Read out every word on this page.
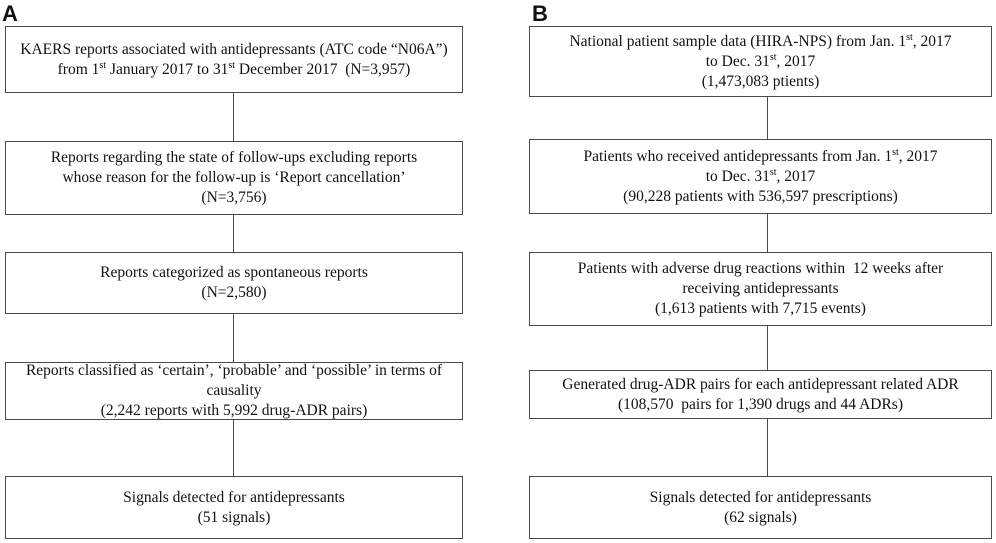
A	B
KAERS reports associated with antidepressants (ATC code “N06A”)
from 1st January 2017 to 31st December 2017  (N=3,957)
Reports regarding the state of follow-ups excluding reports
whose reason for the follow-up is ‘Report cancellation’
(N=3,756)
Reports categorized as spontaneous reports
(N=2,580)
Reports classified as ‘certain’, ‘probable’ and ‘possible’ in terms of
causality
(2,242 reports with 5,992 drug-ADR pairs)
Signals detected for antidepressants
(51 signals)
National patient sample data (HIRA-NPS) from Jan. 1st, 2017
to Dec. 31st, 2017
(1,473,083 ptients)
Patients who received antidepressants from Jan. 1st, 2017
to Dec. 31st, 2017
(90,228 patients with 536,597 prescriptions)
Patients with adverse drug reactions within  12 weeks after
receiving antidepressants
(1,613 patients with 7,715 events)
Generated drug-ADR pairs for each antidepressant related ADR
(108,570  pairs for 1,390 drugs and 44 ADRs)
Signals detected for antidepressants
(62 signals)
